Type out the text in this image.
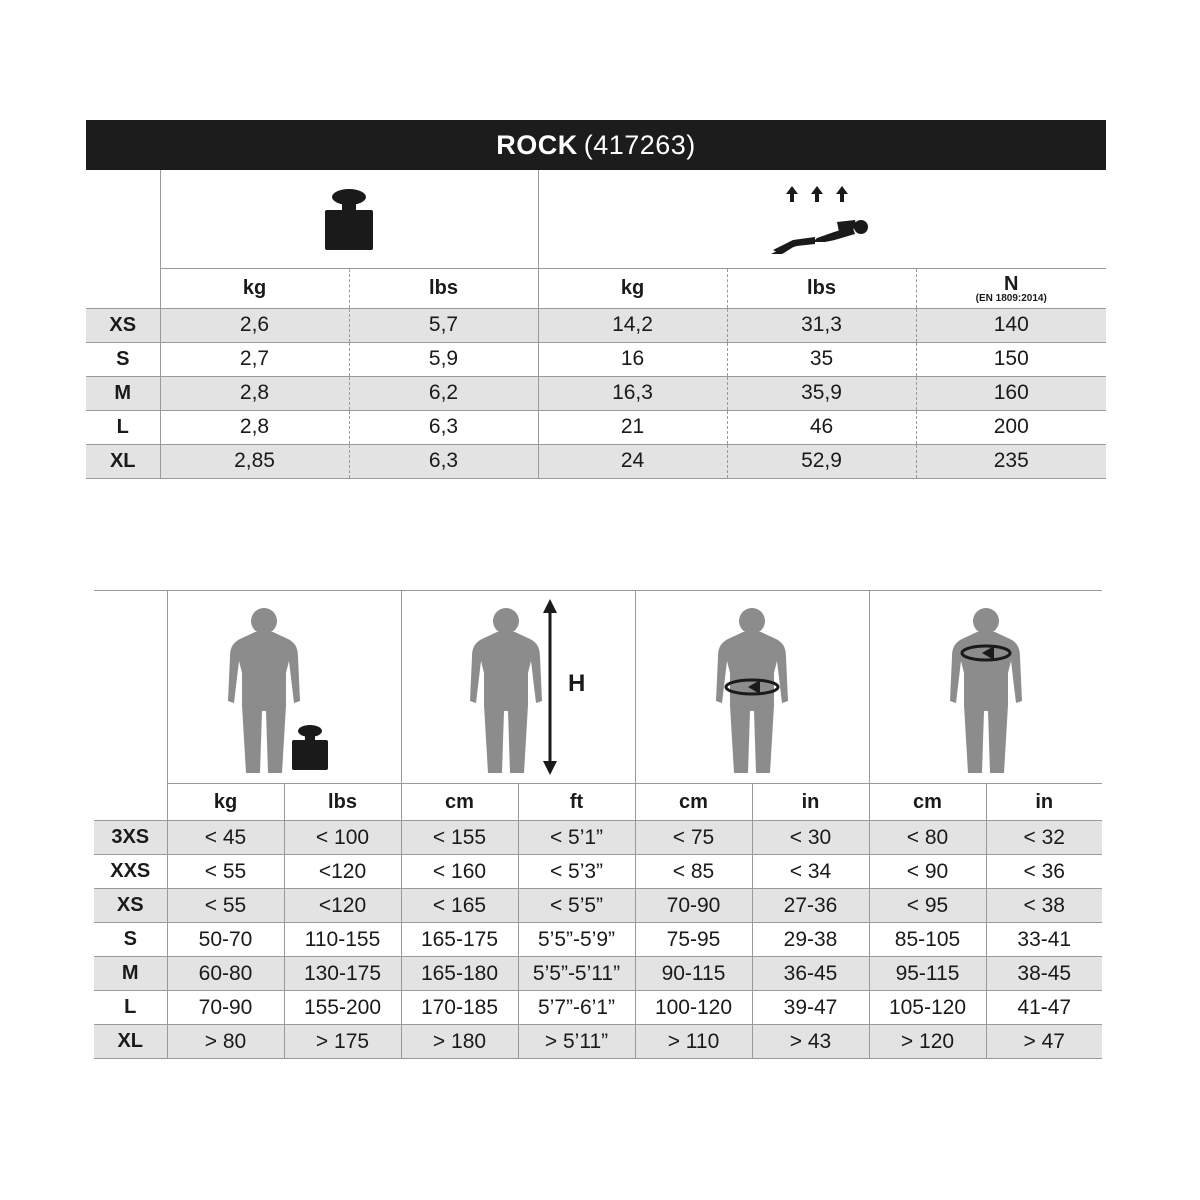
ROCK (417263)

	kg	lbs	kg	lbs	N
(EN 1809:2014)

XS	2,6	5,7	14,2	31,3	140
S	2,7	5,9	16	35	150
M	2,8	6,2	16,3	35,9	160
L	2,8	6,3	21	46	200
XL	2,85	6,3	24	52,9	235

H

	kg	lbs	cm	ft	cm	in	cm	in
3XS	< 45	< 100	< 155	< 5’1”	< 75	< 30	< 80	< 32
XXS	< 55	<120	< 160	< 5’3”	< 85	< 34	< 90	< 36
XS	< 55	<120	< 165	< 5’5”	70-90	27-36	< 95	< 38
S	50-70	110-155	165-175	5’5”-5’9”	75-95	29-38	85-105	33-41
M	60-80	130-175	165-180	5’5”-5’11”	90-115	36-45	95-115	38-45
L	70-90	155-200	170-185	5’7”-6’1”	100-120	39-47	105-120	41-47
XL	> 80	> 175	> 180	> 5’11”	> 110	> 43	> 120	> 47
